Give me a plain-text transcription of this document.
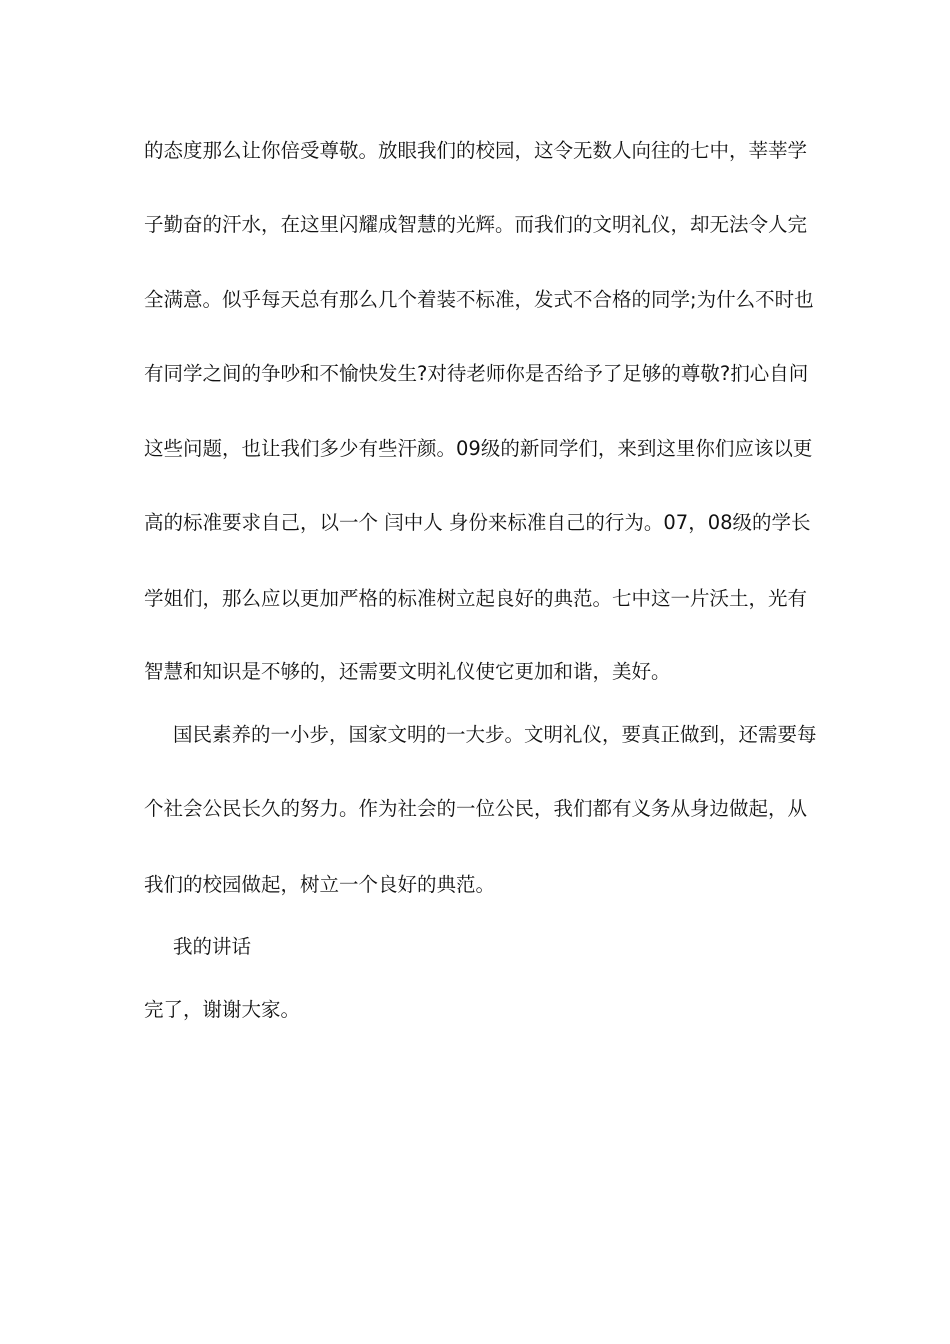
的态度那么让你倍受尊敬。放眼我们的校园，这令无数人向往的七中，莘莘学
子勤奋的汗水，在这里闪耀成智慧的光辉。而我们的文明礼仪，却无法令人完
全满意。似乎每天总有那么几个着装不标准，发式不合格的同学;为什么不时也
有同学之间的争吵和不愉快发生?对待老师你是否给予了足够的尊敬?扪心自问
这些问题，也让我们多少有些汗颜。09级的新同学们，来到这里你们应该以更
高的标准要求自己，以一个 闫中人 身份来标准自己的行为。07，08级的学长
学姐们，那么应以更加严格的标准树立起良好的典范。七中这一片沃土，光有
智慧和知识是不够的，还需要文明礼仪使它更加和谐，美好。
国民素养的一小步，国家文明的一大步。文明礼仪，要真正做到，还需要每
个社会公民长久的努力。作为社会的一位公民，我们都有义务从身边做起，从
我们的校园做起，树立一个良好的典范。
我的讲话
完了，谢谢大家。
